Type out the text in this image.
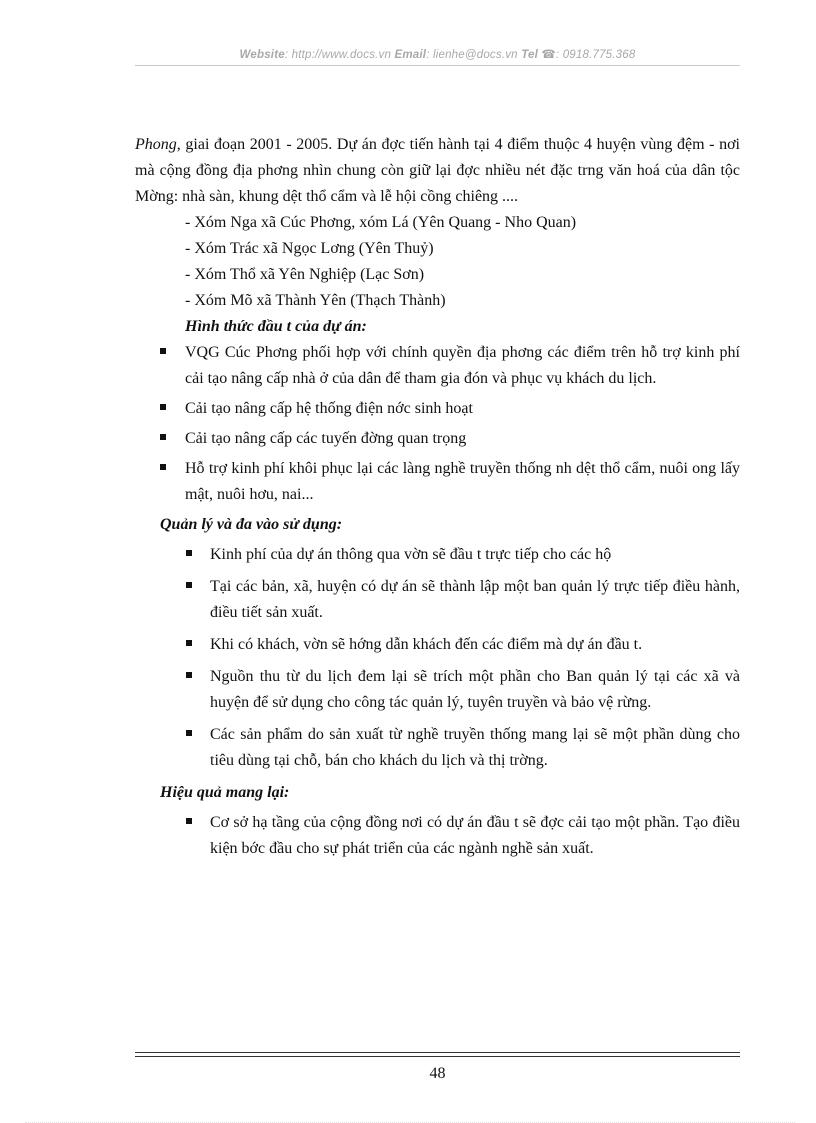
Website: http://www.docs.vn Email: lienhe@docs.vn Tel ☎: 0918.775.368

Phong, giai đoạn 2001 - 2005. Dự án đợc tiến hành tại 4 điểm thuộc 4 huyện vùng đệm - nơi mà cộng đồng địa phơng nhìn chung còn giữ lại đợc nhiều nét đặc trng văn hoá của dân tộc Mờng: nhà sàn, khung dệt thổ cẩm và lễ hội cồng chiêng ....

- Xóm Nga xã Cúc Phơng, xóm Lá (Yên Quang - Nho Quan)

- Xóm Trác xã Ngọc Lơng (Yên Thuỷ)

- Xóm Thổ xã Yên Nghiệp (Lạc Sơn)

- Xóm Mõ xã Thành Yên (Thạch Thành)

Hình thức đầu t của dự án:

VQG Cúc Phơng phối hợp với chính quyền địa phơng các điểm trên hỗ trợ kinh phí cải tạo nâng cấp nhà ở của dân để tham gia đón và phục vụ khách du lịch.
Cải tạo nâng cấp hệ thống điện nớc sinh hoạt
Cải tạo nâng cấp các tuyến đờng quan trọng
Hỗ trợ kinh phí khôi phục lại các làng nghề truyền thống nh dệt thổ cẩm, nuôi ong lấy mật, nuôi hơu, nai...

Quản lý và đa vào sử dụng:

Kinh phí của dự án thông qua vờn sẽ đầu t trực tiếp cho các hộ
Tại các bản, xã, huyện có dự án sẽ thành lập một ban quản lý trực tiếp điều hành, điều tiết sản xuất.
Khi có khách, vờn sẽ hớng dẫn khách đến các điểm mà dự án đầu t.
Nguồn thu từ du lịch đem lại sẽ trích một phần cho Ban quản lý tại các xã và huyện để sử dụng cho công tác quản lý, tuyên truyền và bảo vệ rừng.
Các sản phẩm do sản xuất từ nghề truyền thống mang lại sẽ một phần dùng cho tiêu dùng tại chỗ, bán cho khách du lịch và thị trờng.

Hiệu quả mang lại:

Cơ sở hạ tầng của cộng đồng nơi có dự án đầu t sẽ đợc cải tạo một phần. Tạo điều kiện bớc đầu cho sự phát triển của các ngành nghề sản xuất.
48
